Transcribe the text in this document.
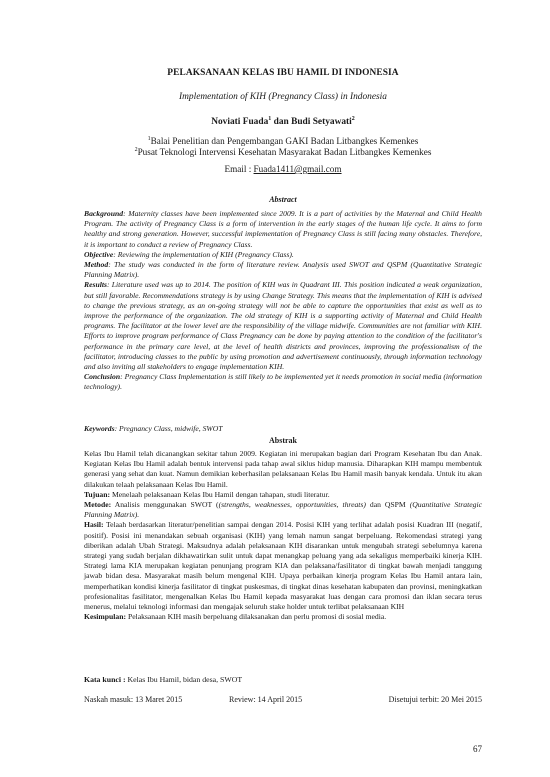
PELAKSANAAN KELAS IBU HAMIL DI INDONESIA
Implementation of KIH (Pregnancy Class) in Indonesia
Noviati Fuada$^1$ dan Budi Setyawati$^2$
$^1$Balai Penelitian dan Pengembangan GAKI Badan Litbangkes Kemenkes
$^2$Pusat Teknologi Intervensi Kesehatan Masyarakat Badan Litbangkes Kemenkes
Email : Fuada1411@gmail.com
Abstract

Background: Maternity classes have been implemented since 2009. It is a part of activities by the Maternal and Child Health Program. The activity of Pregnancy Class is a form of intervention in the early stages of the human life cycle. It aims to form healthy and strong generation. However, successful implementation of Pregnancy Class is still facing many obstacles. Therefore, it is important to conduct a review of Pregnancy Class.

Objective: Reviewing the implementation of KIH (Pregnancy Class).

Method: The study was conducted in the form of literature review. Analysis used SWOT and QSPM (Quantitative Strategic Planning Matrix).

Results: Literature used was up to 2014. The position of KIH was in Quadrant III. This position indicated a weak organization, but still favorable. Recommendations strategy is by using Change Strategy. This means that the implementation of KIH is advised to change the previous strategy, as an on-going strategy will not be able to capture the opportunities that exist as well as to improve the performance of the organization. The old strategy of KIH is a supporting activity of Maternal and Child Health programs. The facilitator at the lower level are the responsibility of the village midwife. Communities are not familiar with KIH. Efforts to improve program performance of Class Pregnancy can be done by paying attention to the condition of the facilitator's performance in the primary care level, at the level of health districts and provinces, improving the professionalism of the facilitator, introducing classes to the public by using promotion and advertisement continuously, through information technology and also inviting all stakeholders to engage implementation KIH.

Conclusion: Pregnancy Class Implementation is still likely to be implemented yet it needs promotion in social media (information technology).

Keywords: Pregnancy Class, midwife, SWOT
Abstrak

Kelas Ibu Hamil telah dicanangkan sekitar tahun 2009. Kegiatan ini merupakan bagian dari Program Kesehatan Ibu dan Anak. Kegiatan Kelas Ibu Hamil adalah bentuk intervensi pada tahap awal siklus hidup manusia. Diharapkan KIH mampu membentuk generasi yang sehat dan kuat. Namun demikian keberhasilan pelaksanaan Kelas Ibu Hamil masih banyak kendala. Untuk itu akan dilakukan telaah pelaksanaan Kelas Ibu Hamil.

Tujuan: Menelaah pelaksanaan Kelas Ibu Hamil dengan tahapan, studi literatur.

Metode: Analisis menggunakan SWOT ((strengths, weaknesses, opportunities, threats) dan QSPM (Quantitative Strategic Planning Matrix).

Hasil: Telaah berdasarkan literatur/penelitian sampai dengan 2014. Posisi KIH yang terlihat adalah posisi Kuadran III (negatif, positif). Posisi ini menandakan sebuah organisasi (KIH) yang lemah namun sangat berpeluang. Rekomendasi strategi yang diberikan adalah Ubah Strategi. Maksudnya adalah pelaksanaan KIH disarankan untuk mengubah strategi sebelumnya karena strategi yang sudah berjalan dikhawatirkan sulit untuk dapat menangkap peluang yang ada sekaligus memperbaiki kinerja KIH. Strategi lama KIA merupakan kegiatan penunjang program KIA dan pelaksana/fasilitator di tingkat bawah menjadi tanggung jawab bidan desa. Masyarakat masih belum mengenal KIH. Upaya perbaikan kinerja program Kelas Ibu Hamil antara lain, memperhatikan kondisi kinerja fasilitator di tingkat puskesmas, di tingkat dinas kesehatan kabupaten dan provinsi, meningkatkan profesionalitas fasilitator, mengenalkan Kelas Ibu Hamil kepada masyarakat luas dengan cara promosi dan iklan secara terus menerus, melalui teknologi informasi dan mengajak seluruh stake holder untuk terlibat pelaksanaan KIH

Kesimpulan: Pelaksanaan KIH masih berpeluang dilaksanakan dan perlu promosi di sosial media.

Kata kunci : Kelas Ibu Hamil, bidan desa, SWOT
Naskah masuk: 13 Maret 2015	Review: 14 April 2015	Disetujui terbit: 20 Mei 2015
67
